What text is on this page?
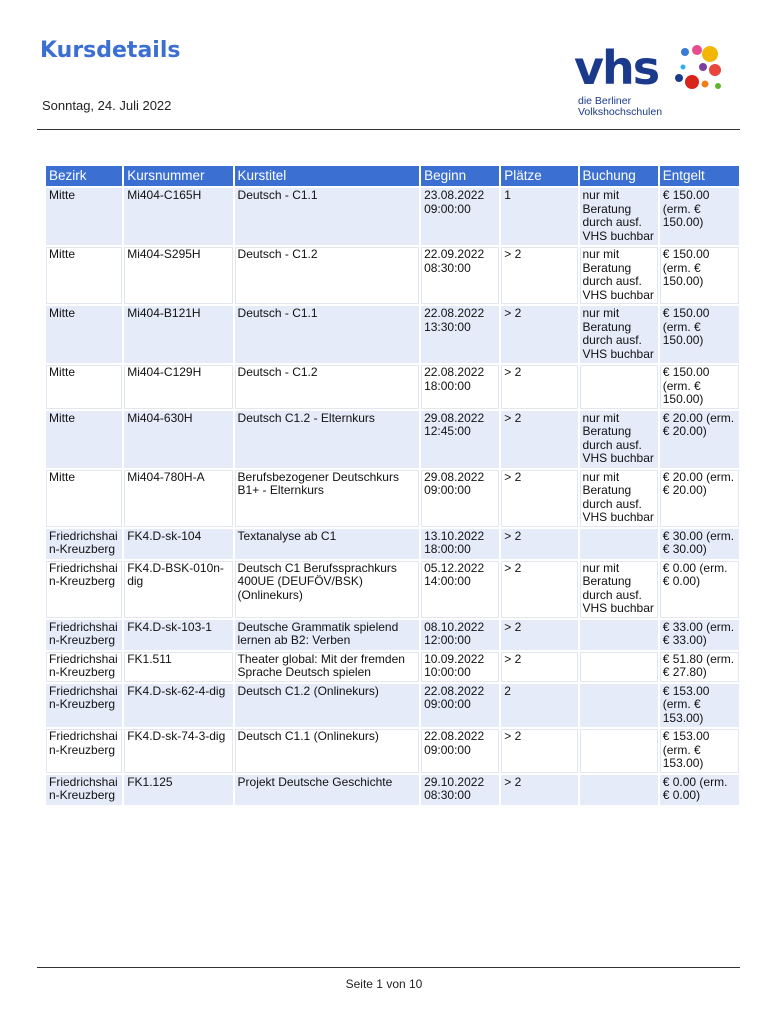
Kursdetails
Sonntag, 24. Juli 2022
vhs
die Berliner
Volkshochschulen
Bezirk	Kursnummer	Kurstitel	Beginn	Plätze	Buchung	Entgelt
Mitte	Mi404-C165H	Deutsch - C1.1	23.08.2022 09:00:00	1	nur mit Beratung durch ausf. VHS buchbar	€ 150.00 (erm. € 150.00)
Mitte	Mi404-S295H	Deutsch - C1.2	22.09.2022 08:30:00	> 2	nur mit Beratung durch ausf. VHS buchbar	€ 150.00 (erm. € 150.00)
Mitte	Mi404-B121H	Deutsch - C1.1	22.08.2022 13:30:00	> 2	nur mit Beratung durch ausf. VHS buchbar	€ 150.00 (erm. € 150.00)
Mitte	Mi404-C129H	Deutsch - C1.2	22.08.2022 18:00:00	> 2		€ 150.00 (erm. € 150.00)
Mitte	Mi404-630H	Deutsch C1.2 - Elternkurs	29.08.2022 12:45:00	> 2	nur mit Beratung durch ausf. VHS buchbar	€ 20.00 (erm. € 20.00)
Mitte	Mi404-780H-A	Berufsbezogener Deutschkurs B1+ - Elternkurs	29.08.2022 09:00:00	> 2	nur mit Beratung durch ausf. VHS buchbar	€ 20.00 (erm. € 20.00)
Friedrichshai n-Kreuzberg	FK4.D-sk-104	Textanalyse ab C1	13.10.2022 18:00:00	> 2		€ 30.00 (erm. € 30.00)
Friedrichshai n-Kreuzberg	FK4.D-BSK-010n-dig	Deutsch C1 Berufssprachkurs 400UE (DEUFÖV/BSK) (Onlinekurs)	05.12.2022 14:00:00	> 2	nur mit Beratung durch ausf. VHS buchbar	€ 0.00 (erm. € 0.00)
Friedrichshai n-Kreuzberg	FK4.D-sk-103-1	Deutsche Grammatik spielend lernen ab B2: Verben	08.10.2022 12:00:00	> 2		€ 33.00 (erm. € 33.00)
Friedrichshai n-Kreuzberg	FK1.511	Theater global: Mit der fremden Sprache Deutsch spielen	10.09.2022 10:00:00	> 2		€ 51.80 (erm. € 27.80)
Friedrichshai n-Kreuzberg	FK4.D-sk-62-4-dig	Deutsch C1.2 (Onlinekurs)	22.08.2022 09:00:00	2		€ 153.00 (erm. € 153.00)
Friedrichshai n-Kreuzberg	FK4.D-sk-74-3-dig	Deutsch C1.1 (Onlinekurs)	22.08.2022 09:00:00	> 2		€ 153.00 (erm. € 153.00)
Friedrichshai n-Kreuzberg	FK1.125	Projekt Deutsche Geschichte	29.10.2022 08:30:00	> 2		€ 0.00 (erm. € 0.00)
Seite 1 von 10
